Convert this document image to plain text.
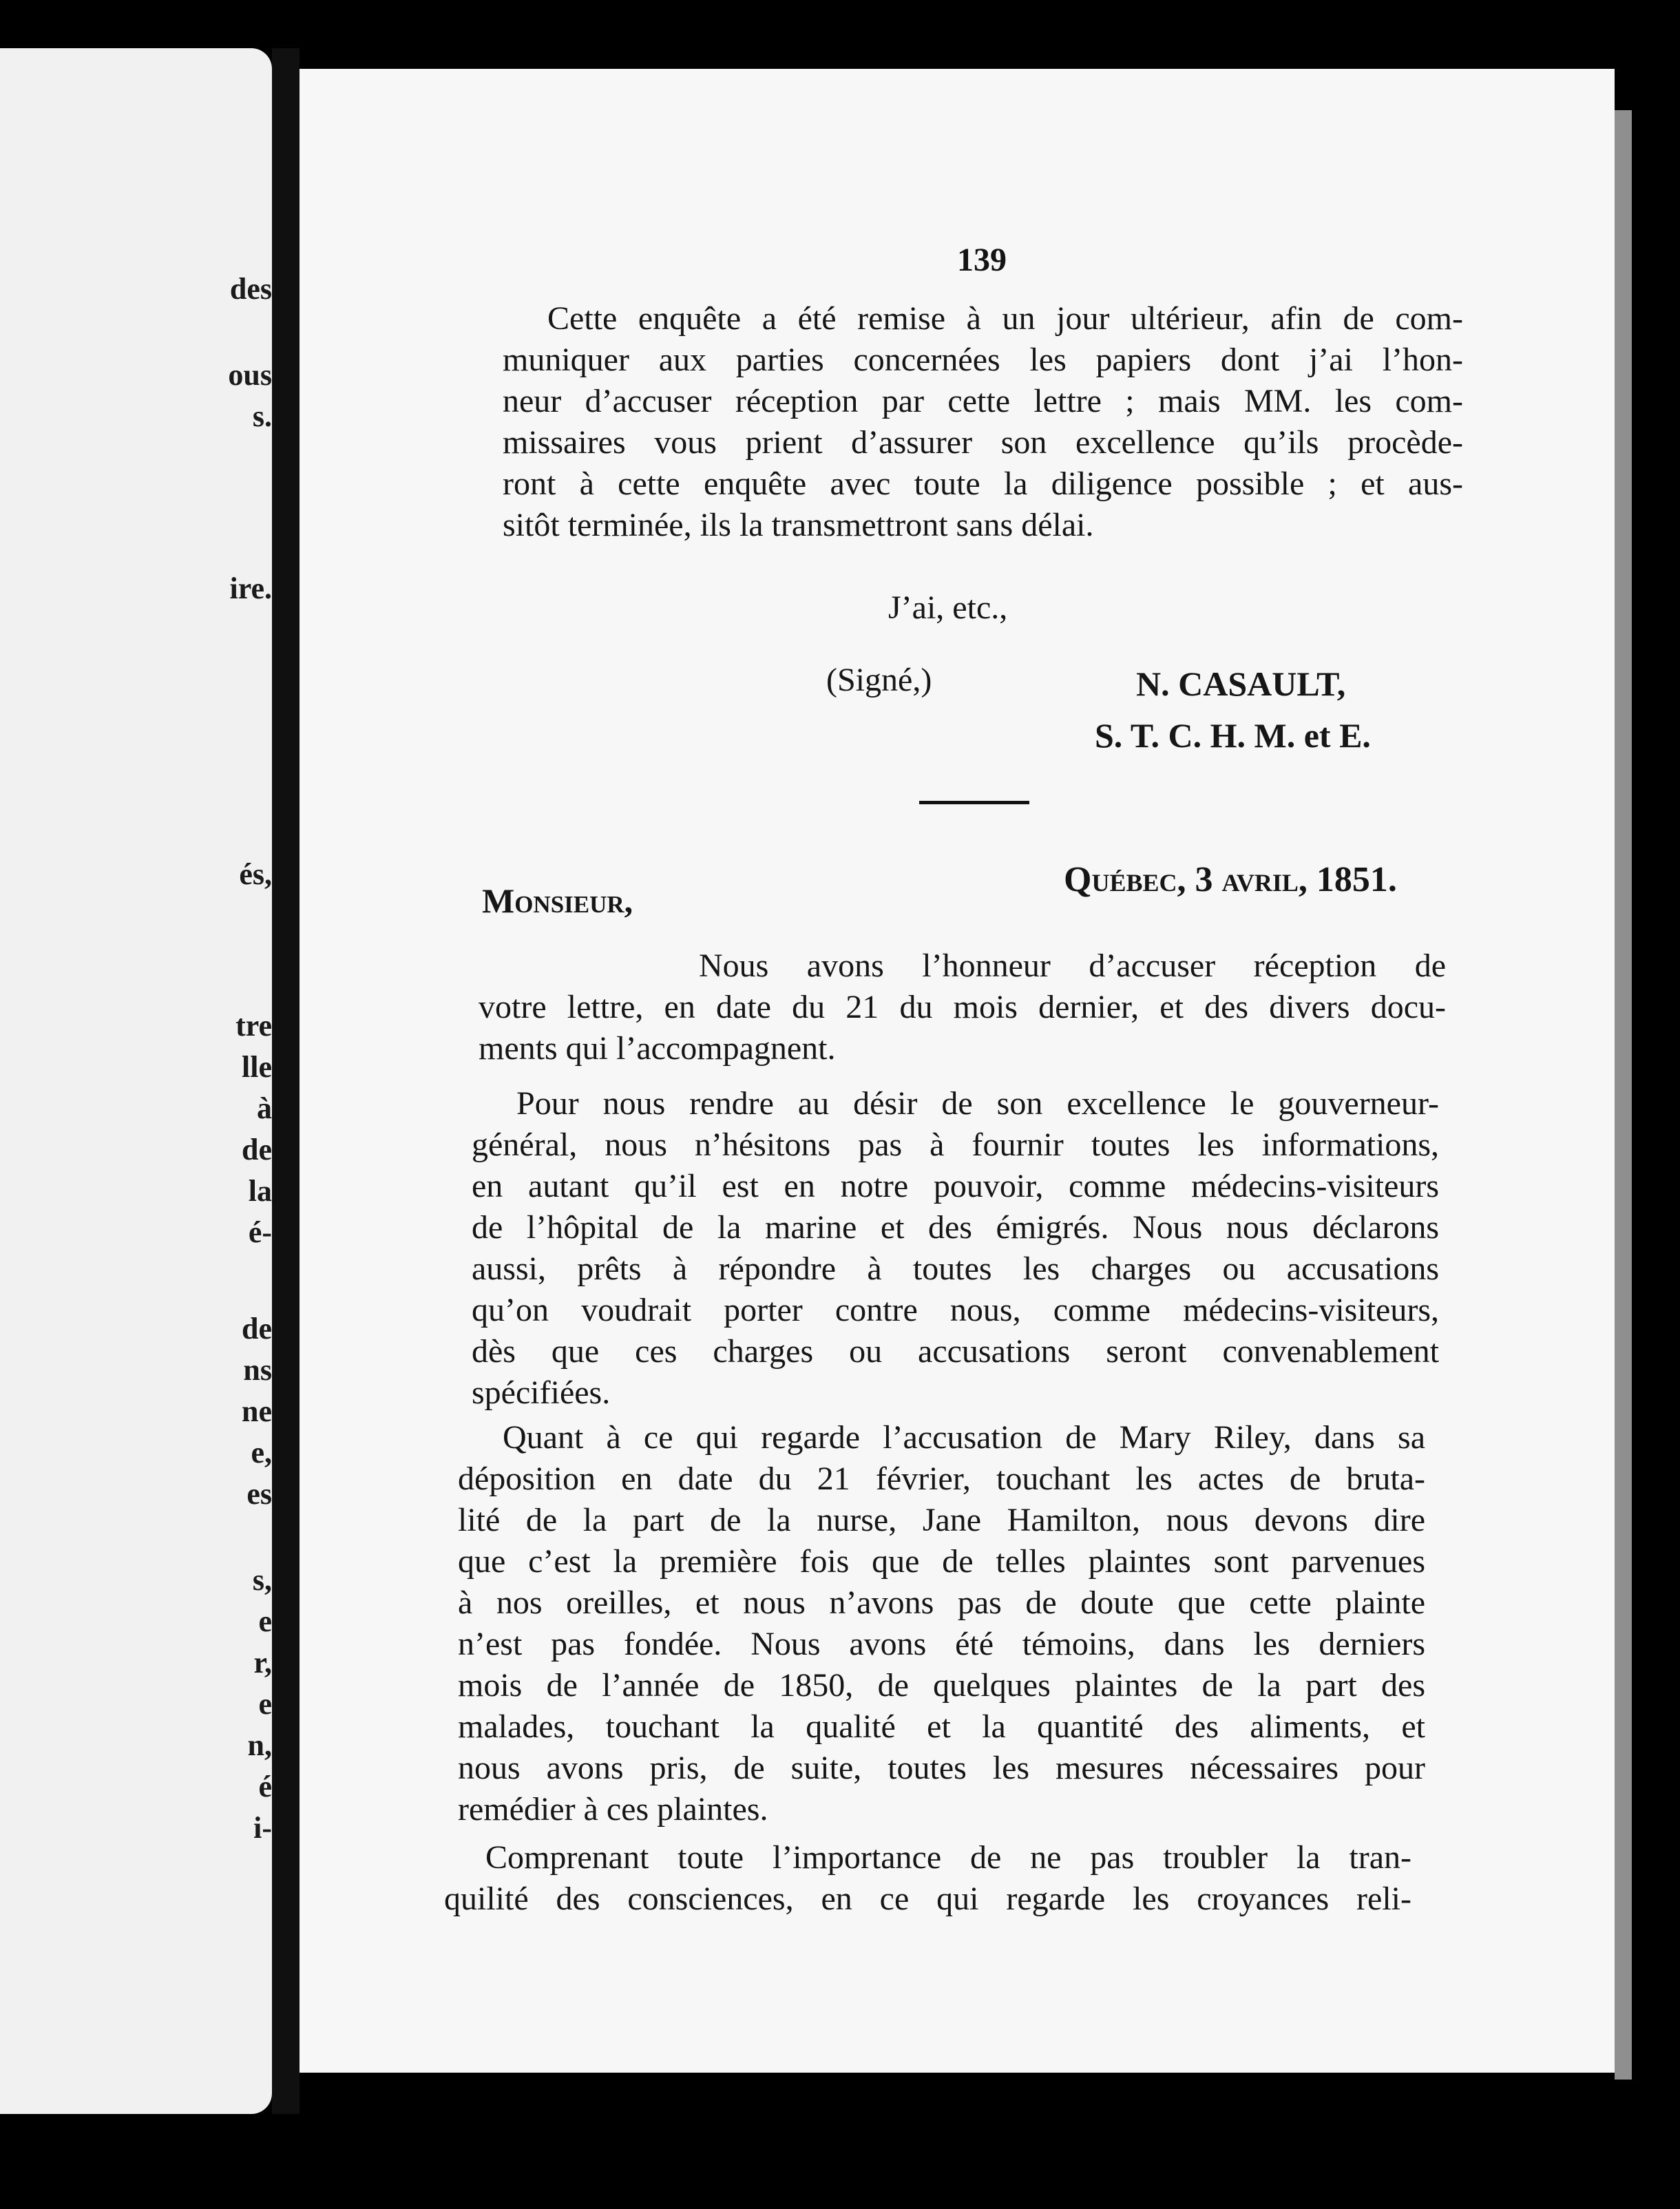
des
ous
s.
ire.
és,
tre
lle
à
de
la
é-
de
ns
ne
e,
es
s,
e
r,
e
n,
é
i-
139
Cette enquête a été remise à un jour ultérieur, afin de com-
muniquer aux parties concernées les papiers dont j’ai l’hon-
neur d’accuser réception par cette lettre ; mais MM. les com-
missaires vous prient d’assurer son excellence qu’ils procède-
ront à cette enquête avec toute la diligence possible ; et aus-
sitôt terminée, ils la transmettront sans délai.
J’ai, etc.,
(Signé,)	N. CASAULT,
S. T. C. H. M. et E.
Québec, 3 avril, 1851.
Monsieur,
Nous avons l’honneur d’accuser réception de
votre lettre, en date du 21 du mois dernier, et des divers docu-
ments qui l’accompagnent.
Pour nous rendre au désir de son excellence le gouverneur-
général, nous n’hésitons pas à fournir toutes les informations,
en autant qu’il est en notre pouvoir, comme médecins-visiteurs
de l’hôpital de la marine et des émigrés. Nous nous déclarons
aussi, prêts à répondre à toutes les charges ou accusations
qu’on voudrait porter contre nous, comme médecins-visiteurs,
dès que ces charges ou accusations seront convenablement
spécifiées.
Quant à ce qui regarde l’accusation de Mary Riley, dans sa
déposition en date du 21 février, touchant les actes de bruta-
lité de la part de la nurse, Jane Hamilton, nous devons dire
que c’est la première fois que de telles plaintes sont parvenues
à nos oreilles, et nous n’avons pas de doute que cette plainte
n’est pas fondée. Nous avons été témoins, dans les derniers
mois de l’année de 1850, de quelques plaintes de la part des
malades, touchant la qualité et la quantité des aliments, et
nous avons pris, de suite, toutes les mesures nécessaires pour
remédier à ces plaintes.
Comprenant toute l’importance de ne pas troubler la tran-
quilité des consciences, en ce qui regarde les croyances reli-
